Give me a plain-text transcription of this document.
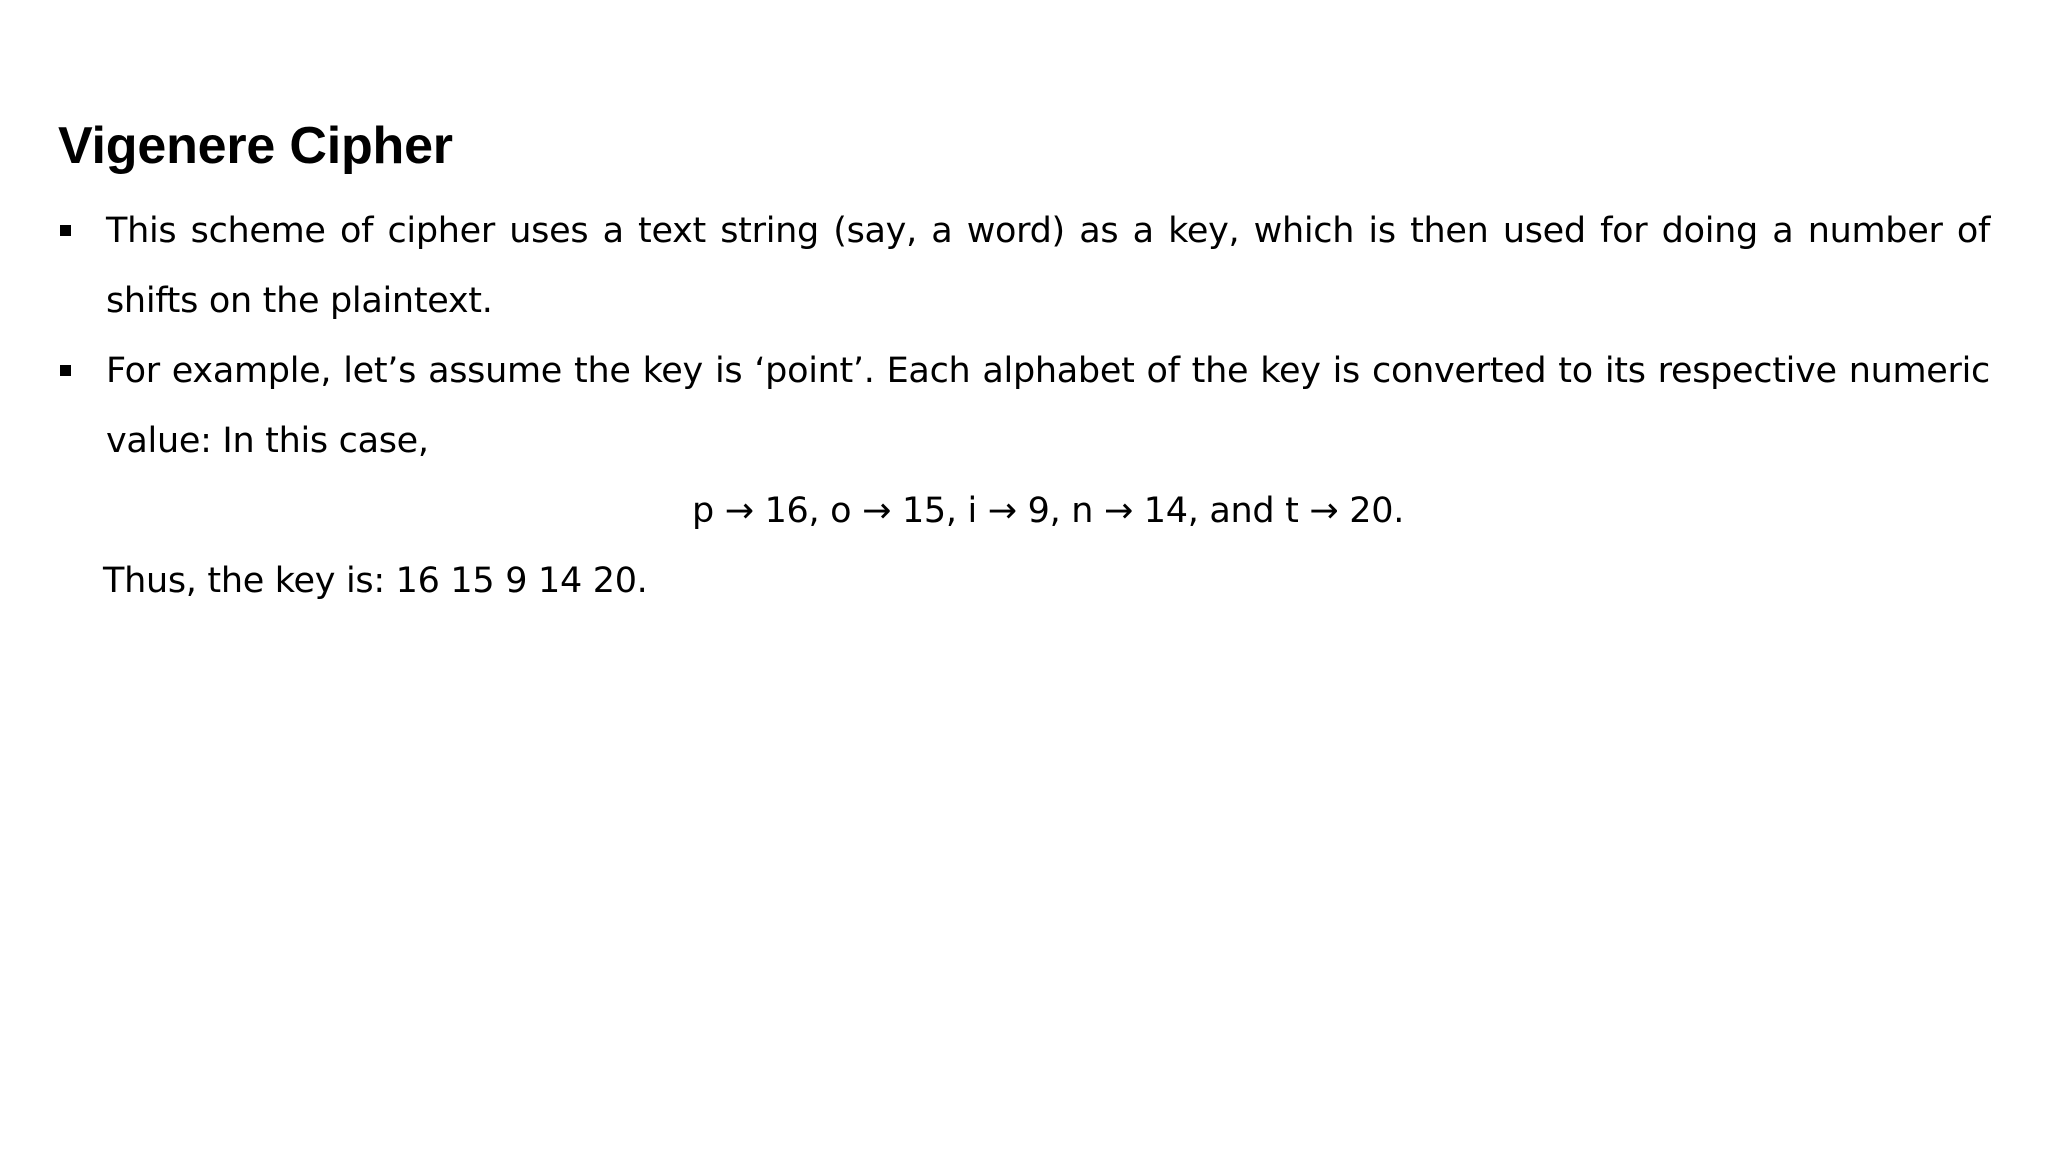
Vigenere Cipher
This scheme of cipher uses a text string (say, a word) as a key, which is then used for doing a number of shifts on the plaintext.
For example, let’s assume the key is ‘point’. Each alphabet of the key is converted to its respective numeric value: In this case,
p → 16, o → 15, i → 9, n → 14, and t → 20.
Thus, the key is: 16 15 9 14 20.
